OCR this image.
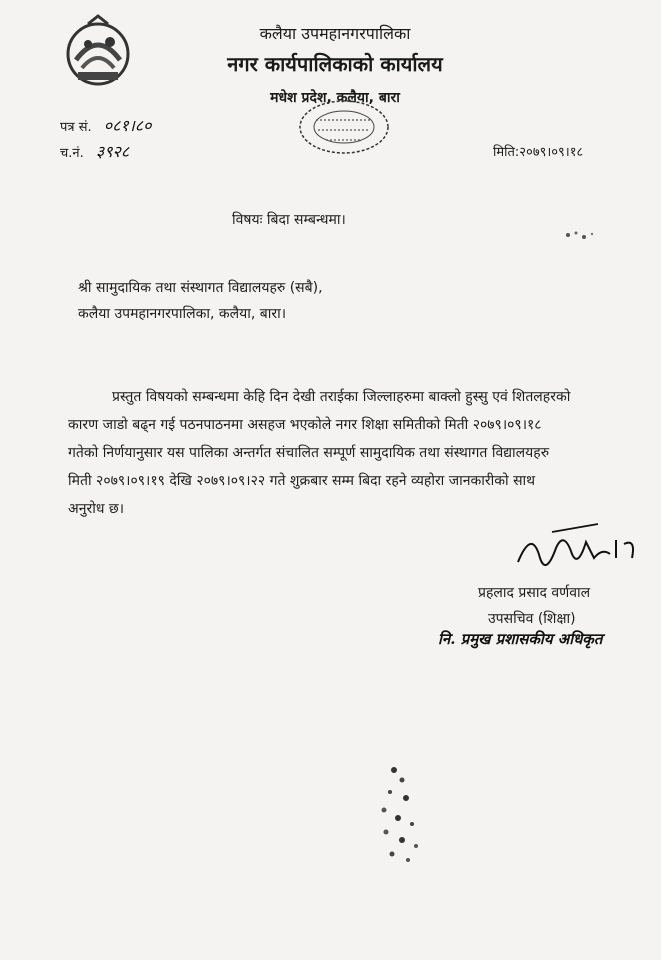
कलैया उपमहानगरपालिका
नगर कार्यपालिकाको कार्यालय
मधेश प्रदेश, कलैया, बारा
पत्र सं. ०८१।८०
च.नं. ३९२८	मिति:२०७९।०९।१८
विषयः बिदा सम्बन्धमा।
श्री सामुदायिक तथा संस्थागत विद्यालयहरु (सबै),
कलैया उपमहानगरपालिका, कलैया, बारा।
प्रस्तुत विषयको सम्बन्धमा केहि दिन देखी तराईका जिल्लाहरुमा बाक्लो हुस्सु एवं शितलहरको
कारण जाडो बढ्न गई पठनपाठनमा असहज भएकोले नगर शिक्षा समितीको मिती २०७९।०९।१८
गतेको निर्णयानुसार यस पालिका अन्तर्गत संचालित सम्पूर्ण सामुदायिक तथा संस्थागत विद्यालयहरु
मिती २०७९।०९।१९ देखि २०७९।०९।२२ गते शुक्रबार सम्म बिदा रहने व्यहोरा जानकारीको साथ
अनुरोध छ।
प्रहलाद प्रसाद वर्णवाल
उपसचिव (शिक्षा)
नि. प्रमुख प्रशासकीय अधिकृत
